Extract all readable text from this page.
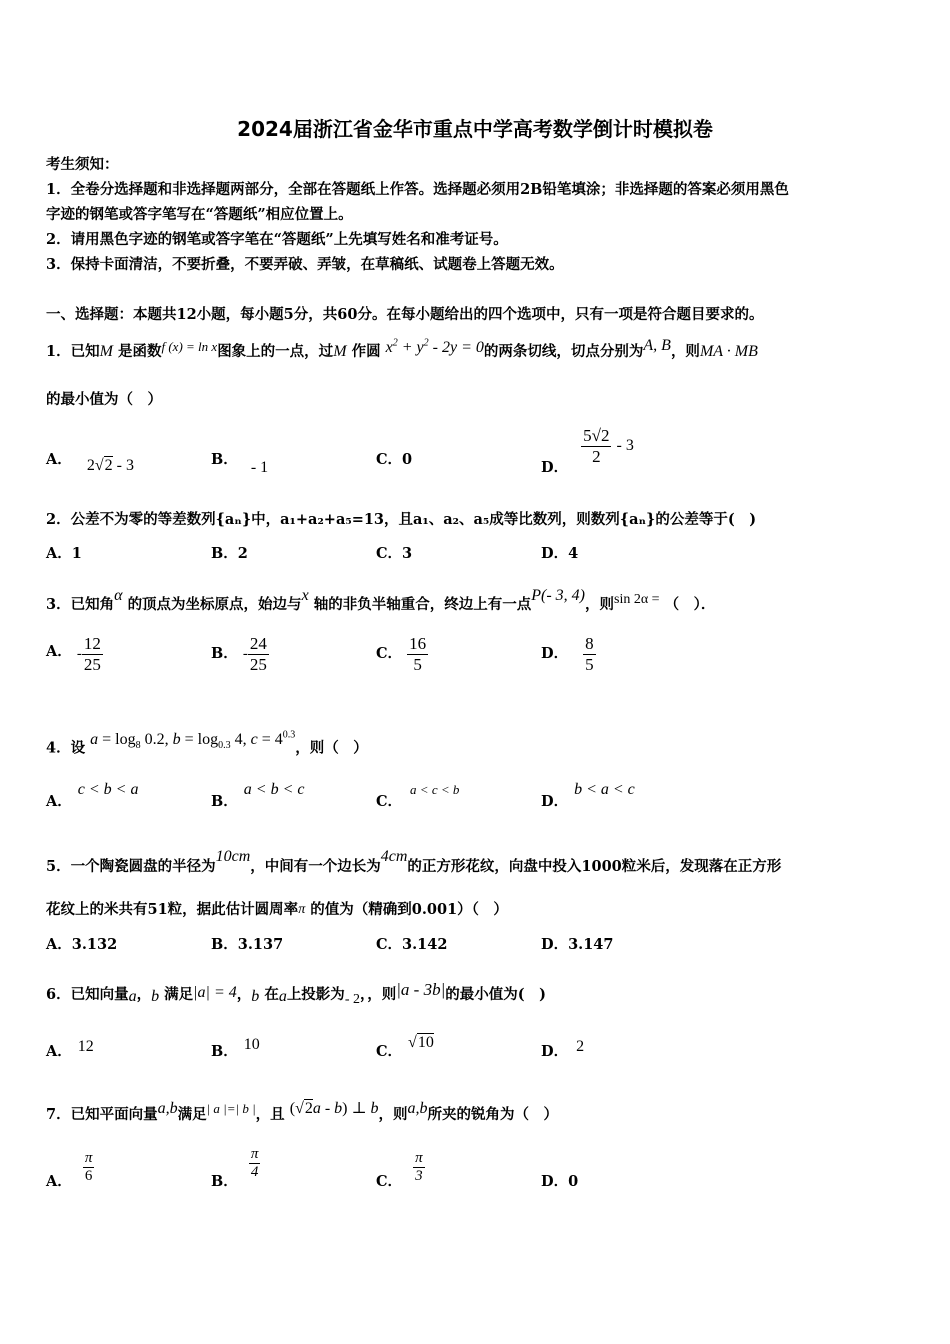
2024届浙江省金华市重点中学高考数学倒计时模拟卷
考生须知：
1．全卷分选择题和非选择题两部分，全部在答题纸上作答。选择题必须用2B铅笔填涂；非选择题的答案必须用黑色
字迹的钢笔或答字笔写在“答题纸”相应位置上。
2．请用黑色字迹的钢笔或答字笔在“答题纸”上先填写姓名和准考证号。
3．保持卡面清洁，不要折叠，不要弄破、弄皱，在草稿纸、试题卷上答题无效。
一、选择题：本题共12小题，每小题5分，共60分。在每小题给出的四个选项中，只有一项是符合题目要求的。
1．已知M 是函数f (x) = ln x图象上的一点，过M 作圆 $x^2 + y^2 - 2y = 0$的两条切线，切点分别为A, B，则MA · MB
的最小值为（　）
A． 2√2 - 3	B． - 1	C．0	D．
$\frac{5√2}{2} - 3$
2．公差不为零的等差数列{aₙ}中，a₁+a₂+a₅=13，且a₁、a₂、a₅成等比数列，则数列{aₙ}的公差等于(　)
A．1	B．2	C．3	D．4
3．已知角α 的顶点为坐标原点，始边与x 轴的非负半轴重合，终边上有一点P(- 3, 4)，则sin 2α = （　）．
A． - $\frac{12}{25}$	B． - $\frac{24}{25}$	C． $\frac{16}{5}$	D． $\frac{8}{5}$
4．设 $a = \log_8 0.2$, $b = \log_{0.3} 4$, $c = 4^{0.3}$，则（　）
A．c < b < a
B．a < b < c
C．a < c < b
D．b < a < c
5．一个陶瓷圆盘的半径为10cm，中间有一个边长为4cm的正方形花纹，向盘中投入1000粒米后，发现落在正方形
花纹上的米共有51粒，据此估计圆周率π 的值为（精确到0.001）（　）
A．3.132	B．3.137	C．3.142	D．3.147
6．已知向量a，b 满足|a| = 4，b 在a上投影为- 2，，则|a - 3b|的最小值为(　)
A． 12	B． 10	C．√10
D． 2
7．已知平面向量a,b满足| a |=| b |，且 (√2a - b) ⊥ b，则a,b所夹的锐角为（　）
A． $\frac{\pi}{6}$	B． $\frac{\pi}{4}$	C． $\frac{\pi}{3}$	D．0
